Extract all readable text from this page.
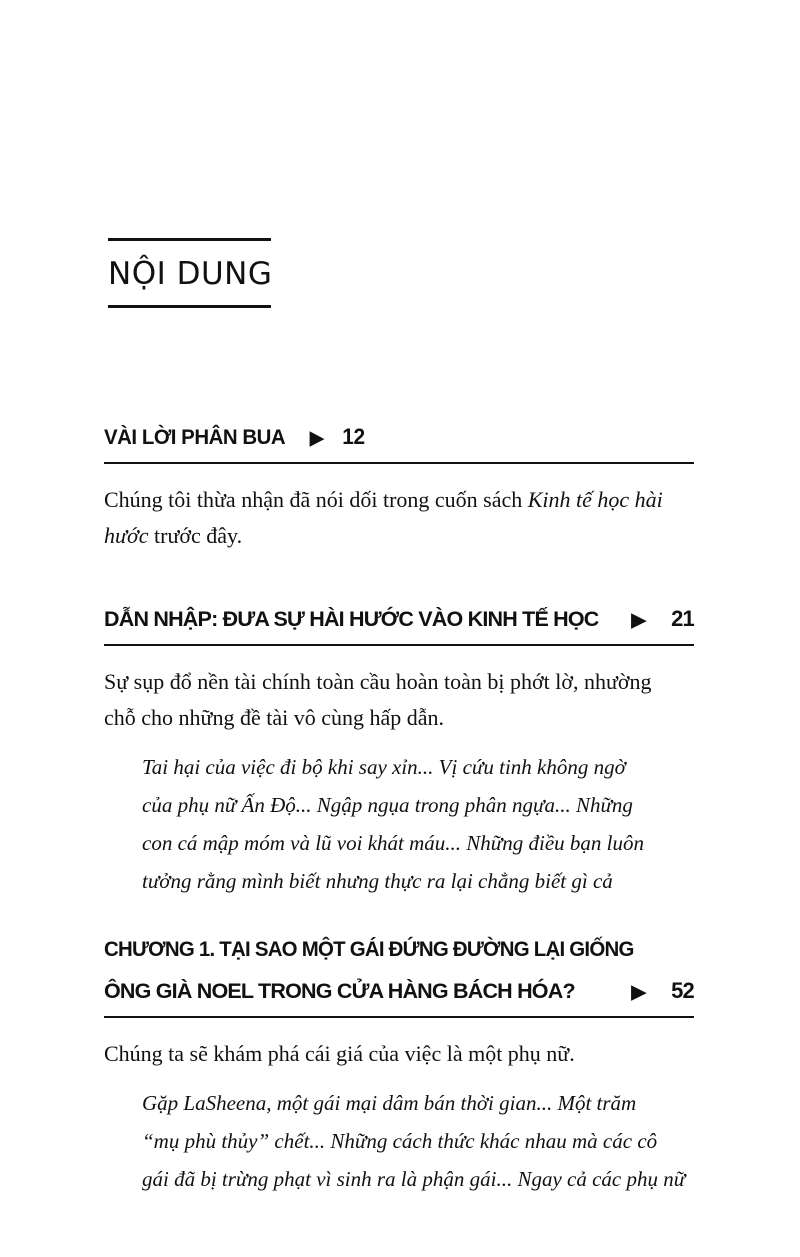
NỘI DUNG
VÀI LỜI PHÂN BUA ▶ 12
Chúng tôi thừa nhận đã nói dối trong cuốn sách Kinh tế học hài
hước trước đây.
DẪN NHẬP: ĐƯA SỰ HÀI HƯỚC VÀO KINH TẾ HỌC ▶ 21
Sự sụp đổ nền tài chính toàn cầu hoàn toàn bị phớt lờ, nhường
chỗ cho những đề tài vô cùng hấp dẫn.
Tai hại của việc đi bộ khi say xỉn... Vị cứu tinh không ngờ
của phụ nữ Ấn Độ... Ngập ngụa trong phân ngựa... Những
con cá mập móm và lũ voi khát máu... Những điều bạn luôn
tưởng rằng mình biết nhưng thực ra lại chẳng biết gì cả
CHƯƠNG 1. TẠI SAO MỘT GÁI ĐỨNG ĐƯỜNG LẠI GIỐNG
ÔNG GIÀ NOEL TRONG CỬA HÀNG BÁCH HÓA?	▶ 52
Chúng ta sẽ khám phá cái giá của việc là một phụ nữ.
Gặp LaSheena, một gái mại dâm bán thời gian... Một trăm
“mụ phù thủy” chết... Những cách thức khác nhau mà các cô
gái đã bị trừng phạt vì sinh ra là phận gái... Ngay cả các phụ nữ
